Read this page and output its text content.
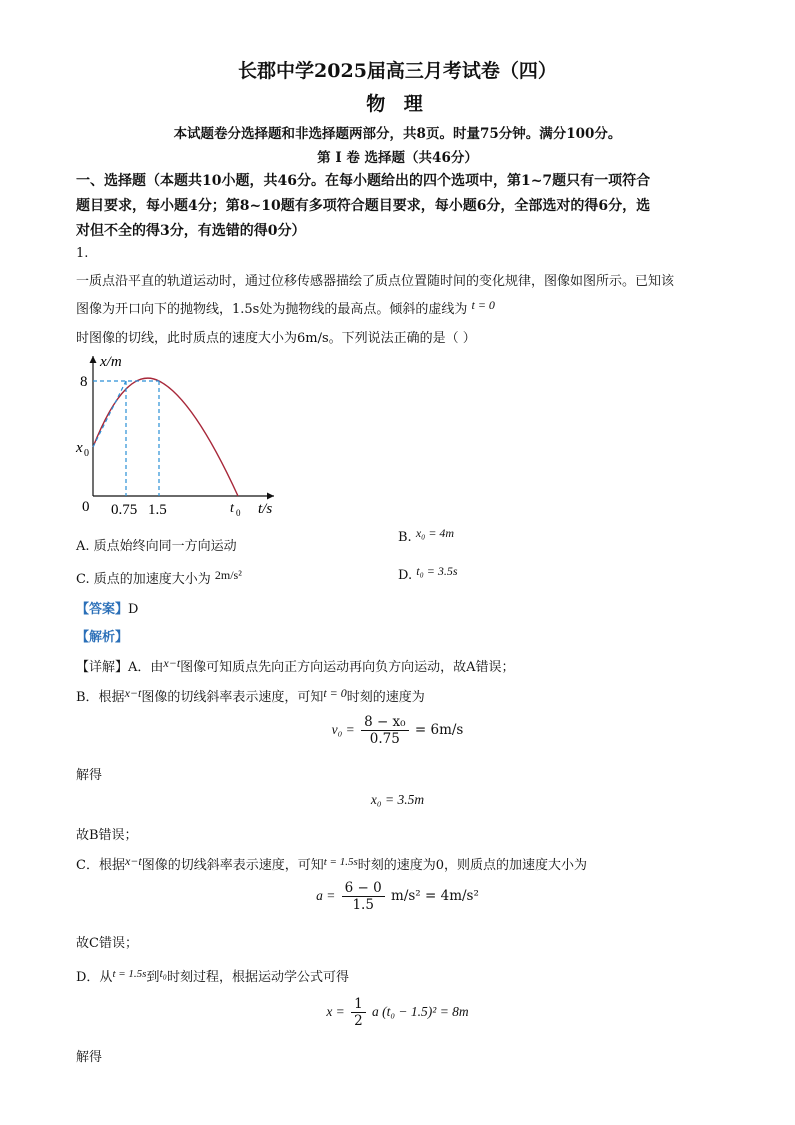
长郡中学2025届高三月考试卷（四）
物 理
本试题卷分选择题和非选择题两部分，共8页。时量75分钟。满分100分。
第 I 卷 选择题（共46分）
一、选择题（本题共10小题，共46分。在每小题给出的四个选项中，第1~7题只有一项符合
题目要求，每小题4分；第8~10题有多项符合题目要求，每小题6分，全部选对的得6分，选
对但不全的得3分，有选错的得0分）
1.
一质点沿平直的轨道运动时，通过位移传感器描绘了质点位置随时间的变化规律，图像如图所示。已知该
图像为开口向下的抛物线，1.5s处为抛物线的最高点。倾斜的虚线为 t = 0
时图像的切线，此时质点的速度大小为6m/s。下列说法正确的是（ ）
x/m
8
x 0
0 0.75 1.5	t 0 t/s
A. 质点始终向同一方向运动
B. x₀ = 4m
C. 质点的加速度大小为 2m/s²	D. t₀ = 3.5s
【答案】D
【解析】
【详解】A．由x−t图像可知质点先向正方向运动再向负方向运动，故A错误；
B．根据x−t图像的切线斜率表示速度，可知t = 0时刻的速度为
$v_0 = \frac{\text{8 − x₀}}{0.75} = 6m/s$
解得
x₀ = 3.5m
故B错误；
C．根据x−t图像的切线斜率表示速度，可知$^{t = 1.5s}$时刻的速度为0，则质点的加速度大小为
$a = \frac{6 - 0}{1.5} m/s^2 = 4m/s^2$
故C错误；
D．从$^{t = 1.5s}$到t₀时刻过程，根据运动学公式可得
$x = \frac{1}{2}$ a (t₀ − 1.5)² = 8m
解得
